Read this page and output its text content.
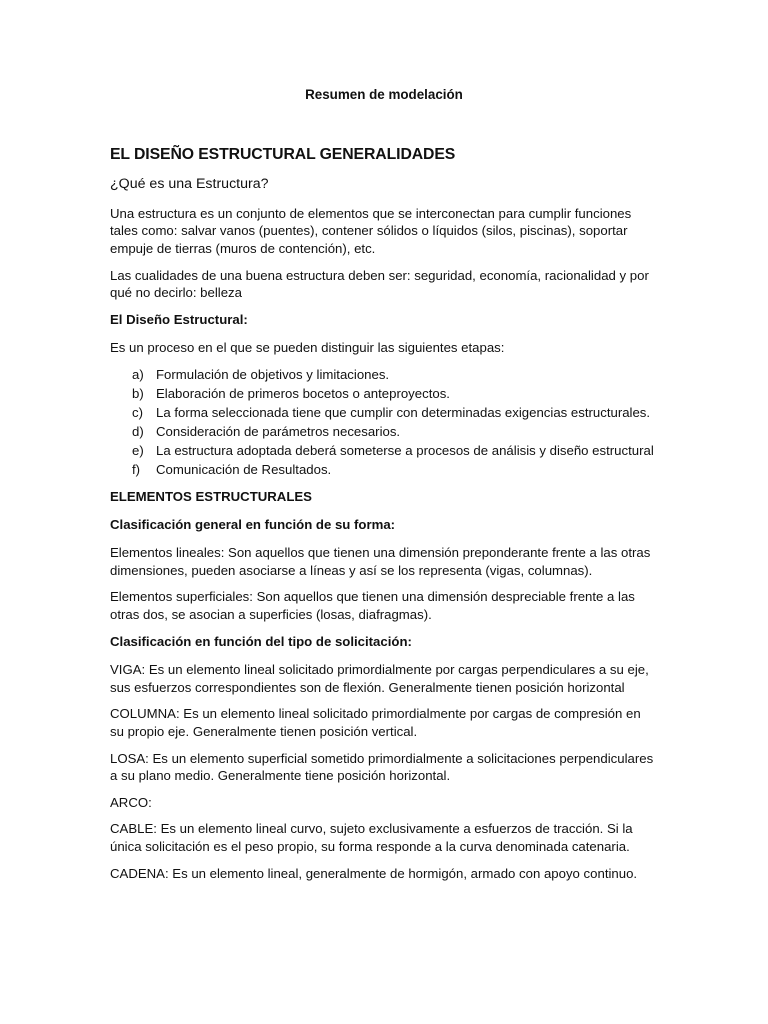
Resumen de modelación
EL DISEÑO ESTRUCTURAL GENERALIDADES
¿Qué es una Estructura?

Una estructura es un conjunto de elementos que se interconectan para cumplir funciones tales como: salvar vanos (puentes), contener sólidos o líquidos (silos, piscinas), soportar empuje de tierras (muros de contención), etc.

Las cualidades de una buena estructura deben ser: seguridad, economía, racionalidad y por qué no decirlo: belleza

El Diseño Estructural:

Es un proceso en el que se pueden distinguir las siguientes etapas:

a) Formulación de objetivos y limitaciones.
b) Elaboración de primeros bocetos o anteproyectos.
c) La forma seleccionada tiene que cumplir con determinadas exigencias estructurales.
d) Consideración de parámetros necesarios.
e) La estructura adoptada deberá someterse a procesos de análisis y diseño estructural
f) Comunicación de Resultados.
ELEMENTOS ESTRUCTURALES
Clasificación general en función de su forma:

Elementos lineales: Son aquellos que tienen una dimensión preponderante frente a las otras dimensiones, pueden asociarse a líneas y así se los representa (vigas, columnas).

Elementos superficiales: Son aquellos que tienen una dimensión despreciable frente a las otras dos, se asocian a superficies (losas, diafragmas).

Clasificación en función del tipo de solicitación:

VIGA: Es un elemento lineal solicitado primordialmente por cargas perpendiculares a su eje, sus esfuerzos correspondientes son de flexión. Generalmente tienen posición horizontal

COLUMNA: Es un elemento lineal solicitado primordialmente por cargas de compresión en su propio eje. Generalmente tienen posición vertical.

LOSA: Es un elemento superficial sometido primordialmente a solicitaciones perpendiculares a su plano medio. Generalmente tiene posición horizontal.

ARCO:

CABLE: Es un elemento lineal curvo, sujeto exclusivamente a esfuerzos de tracción. Si la única solicitación es el peso propio, su forma responde a la curva denominada catenaria.

CADENA: Es un elemento lineal, generalmente de hormigón, armado con apoyo continuo.
